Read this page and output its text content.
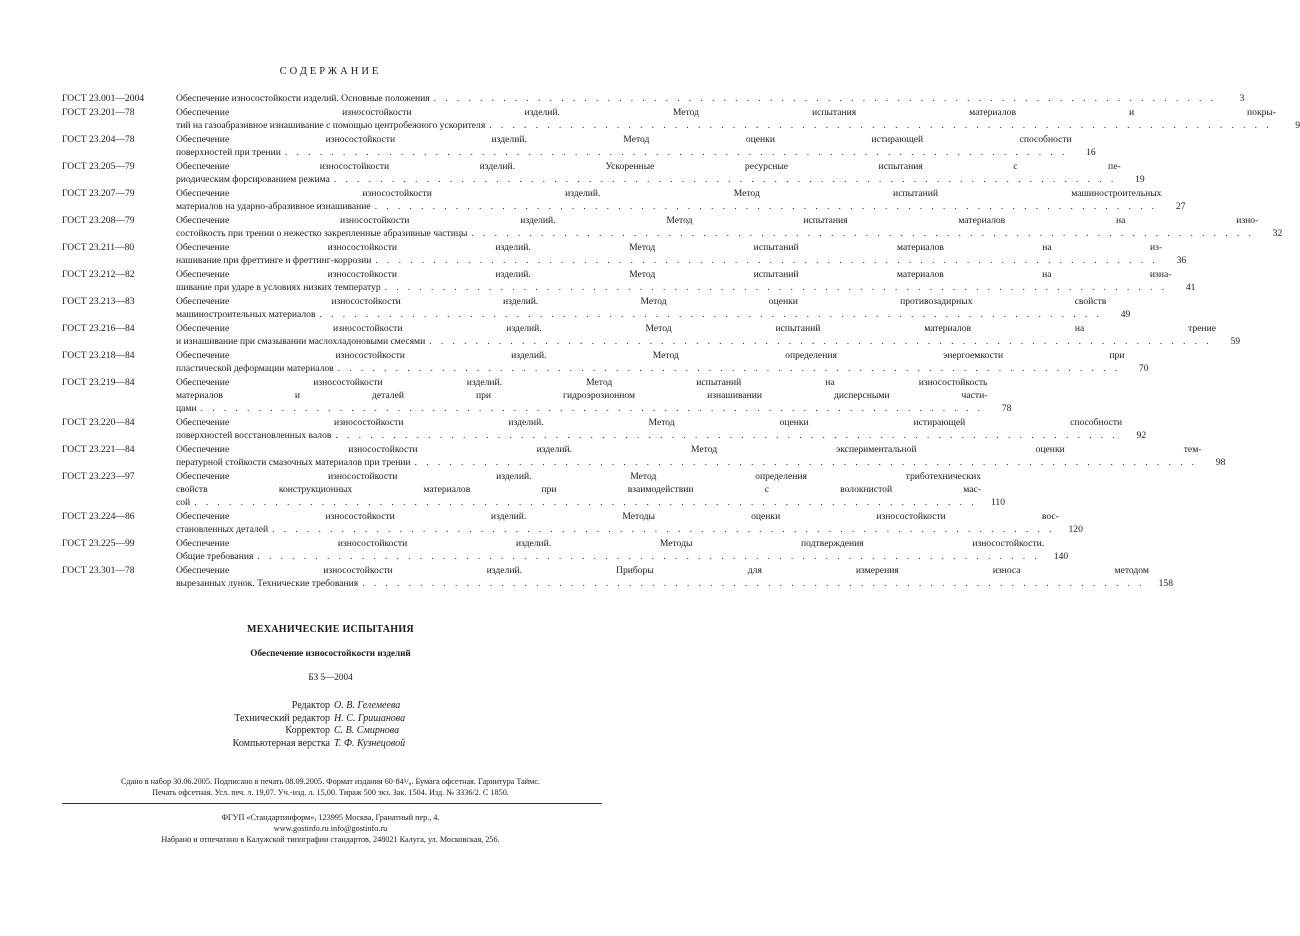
СОДЕРЖАНИЕ
ГОСТ 23.001—2004	Обеспечение износостойкости изделий. Основные положения . . . . . . . . . . . . . . . . . . . . . . . . . . . . . . . . . . . . . . . . . . . . . . . . . . . . . . . . . . . . . . . . . . . .	3
ГОСТ 23.201—78	Обеспечение износостойкости изделий. Метод испытания материалов и покры-
тий на газоабразивное изнашивание с помощью центробежного ускорителя . . . . . . . . . . . . . . . . . . . . . . . . . . . . . . . . . . . . . . . . . . . . . . . . . . . . . . . . . . . . . . . . . . . .	9
ГОСТ 23.204—78	Обеспечение износостойкости изделий. Метод оценки истирающей способности
поверхностей при трении . . . . . . . . . . . . . . . . . . . . . . . . . . . . . . . . . . . . . . . . . . . . . . . . . . . . . . . . . . . . . . . . . . . .	16
ГОСТ 23.205—79	Обеспечение износостойкости изделий. Ускоренные ресурсные испытания с пе-
риодическим форсированием режима . . . . . . . . . . . . . . . . . . . . . . . . . . . . . . . . . . . . . . . . . . . . . . . . . . . . . . . . . . . . . . . . . . . .	19
ГОСТ 23.207—79	Обеспечение износостойкости изделий. Метод испытаний машиностроительных
материалов на ударно-абразивное изнашивание . . . . . . . . . . . . . . . . . . . . . . . . . . . . . . . . . . . . . . . . . . . . . . . . . . . . . . . . . . . . . . . . . . . .	27
ГОСТ 23.208—79	Обеспечение износостойкости изделий. Метод испытания материалов на изно-
состойкость при трении о нежестко закрепленные абразивные частицы . . . . . . . . . . . . . . . . . . . . . . . . . . . . . . . . . . . . . . . . . . . . . . . . . . . . . . . . . . . . . . . . . . . .	32
ГОСТ 23.211—80	Обеспечение износостойкости изделий. Метод испытаний материалов на из-
нашивание при фреттинге и фреттинг-коррозии . . . . . . . . . . . . . . . . . . . . . . . . . . . . . . . . . . . . . . . . . . . . . . . . . . . . . . . . . . . . . . . . . . . .	36
ГОСТ 23.212—82	Обеспечение износостойкости изделий. Метод испытаний материалов на изна-
шивание при ударе в условиях низких температур . . . . . . . . . . . . . . . . . . . . . . . . . . . . . . . . . . . . . . . . . . . . . . . . . . . . . . . . . . . . . . . . . . . .	41
ГОСТ 23.213—83	Обеспечение износостойкости изделий. Метод оценки противозадирных свойств
машиностроительных материалов . . . . . . . . . . . . . . . . . . . . . . . . . . . . . . . . . . . . . . . . . . . . . . . . . . . . . . . . . . . . . . . . . . . .	49
ГОСТ 23.216—84	Обеспечение износостойкости изделий. Метод испытаний материалов на трение
и изнашивание при смазывании маслохладоновыми смесями . . . . . . . . . . . . . . . . . . . . . . . . . . . . . . . . . . . . . . . . . . . . . . . . . . . . . . . . . . . . . . . . . . . .	59
ГОСТ 23.218—84	Обеспечение износостойкости изделий. Метод определения энергоемкости при
пластической деформации материалов . . . . . . . . . . . . . . . . . . . . . . . . . . . . . . . . . . . . . . . . . . . . . . . . . . . . . . . . . . . . . . . . . . . .	70
ГОСТ 23.219—84	Обеспечение износостойкости изделий. Метод испытаний на износостойкость
материалов и деталей при гидроэрозионном изнашивании дисперсными части-
цами . . . . . . . . . . . . . . . . . . . . . . . . . . . . . . . . . . . . . . . . . . . . . . . . . . . . . . . . . . . . . . . . . . . .	78
ГОСТ 23.220—84	Обеспечение износостойкости изделий. Метод оценки истирающей способности
поверхностей восстановленных валов . . . . . . . . . . . . . . . . . . . . . . . . . . . . . . . . . . . . . . . . . . . . . . . . . . . . . . . . . . . . . . . . . . . .	92
ГОСТ 23.221—84	Обеспечение износостойкости изделий. Метод экспериментальной оценки тем-
пературной стойкости смазочных материалов при трении . . . . . . . . . . . . . . . . . . . . . . . . . . . . . . . . . . . . . . . . . . . . . . . . . . . . . . . . . . . . . . . . . . . .	98
ГОСТ 23.223—97	Обеспечение износостойкости изделий. Метод определения триботехнических
свойств конструкционных материалов при взаимодействии с волокнистой мас-
сой . . . . . . . . . . . . . . . . . . . . . . . . . . . . . . . . . . . . . . . . . . . . . . . . . . . . . . . . . . . . . . . . . . . .	110
ГОСТ 23.224—86	Обеспечение износостойкости изделий. Методы оценки износостойкости вос-
становленных деталей . . . . . . . . . . . . . . . . . . . . . . . . . . . . . . . . . . . . . . . . . . . . . . . . . . . . . . . . . . . . . . . . . . . .	120
ГОСТ 23.225—99	Обеспечение износостойкости изделий. Методы подтверждения износостойкости.
Общие требования . . . . . . . . . . . . . . . . . . . . . . . . . . . . . . . . . . . . . . . . . . . . . . . . . . . . . . . . . . . . . . . . . . . .	140
ГОСТ 23.301—78	Обеспечение износостойкости изделий. Приборы для измерения износа методом
вырезанных лунок. Технические требования . . . . . . . . . . . . . . . . . . . . . . . . . . . . . . . . . . . . . . . . . . . . . . . . . . . . . . . . . . . . . . . . . . . .	158
МЕХАНИЧЕСКИЕ ИСПЫТАНИЯ
Обеспечение износостойкости изделий
БЗ 5—2004
Редактор О. В. Гелемеева
Технический редактор Н. С. Гришанова
Корректор С. В. Смирнова
Компьютерная верстка Т. Ф. Кузнецовой
Сдано в набор 30.06.2005. Подписано в печать 08.09.2005. Формат издания 60·84¹/₈. Бумага офсетная. Гарнитура Таймс.
Печать офсетная. Усл. печ. л. 19,07. Уч.-изд. л. 15,00. Тираж 500 экз. Зак. 1504. Изд. № 3336/2. С 1850.
ФГУП «Стандартинформ», 123995 Москва, Гранатный пер., 4.
www.gostinfo.ru info@gostinfo.ru
Набрано и отпечатано в Калужской типографии стандартов, 248021 Калуга, ул. Московская, 256.
